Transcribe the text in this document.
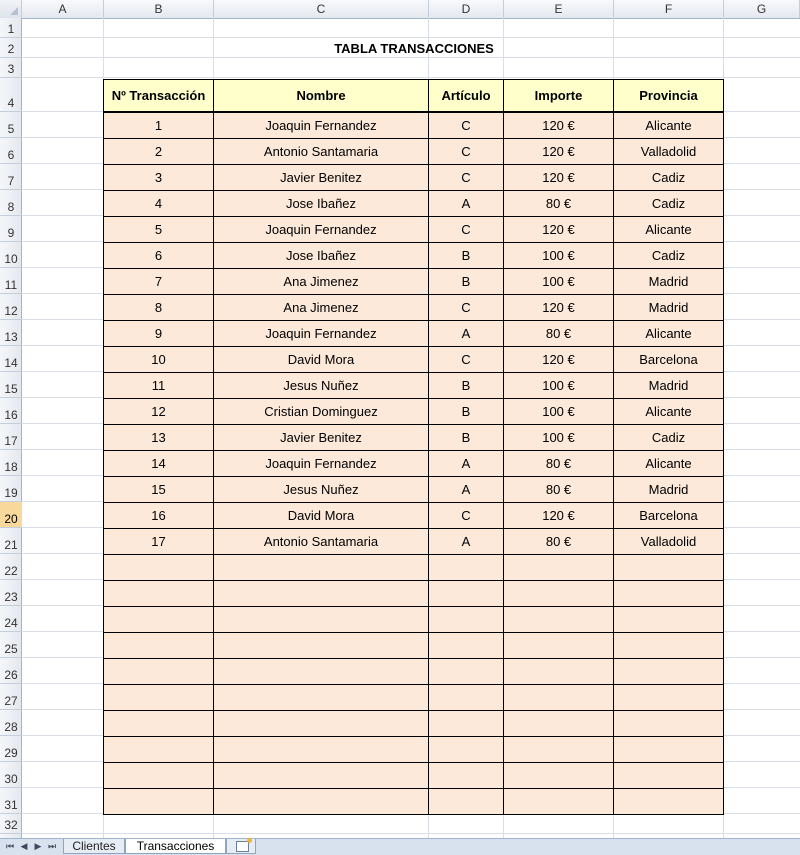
A	B	C	D	E	F	G
1
2
3
4
5
6
7
8
9
10
11
12
13
14
15
16
17
18
19
20
21
22
23
24
25
26
27
28
29
30
31
32
TABLA TRANSACCIONES
Nº Transacción	Nombre	Artículo	Importe	Provincia
1	Joaquin Fernandez	C	120 €	Alicante
2	Antonio Santamaria	C	120 €	Valladolid
3	Javier Benitez	C	120 €	Cadiz
4	Jose Ibañez	A	80 €	Cadiz
5	Joaquin Fernandez	C	120 €	Alicante
6	Jose Ibañez	B	100 €	Cadiz
7	Ana Jimenez	B	100 €	Madrid
8	Ana Jimenez	C	120 €	Madrid
9	Joaquin Fernandez	A	80 €	Alicante
10	David Mora	C	120 €	Barcelona
11	Jesus Nuñez	B	100 €	Madrid
12	Cristian Dominguez	B	100 €	Alicante
13	Javier Benitez	B	100 €	Cadiz
14	Joaquin Fernandez	A	80 €	Alicante
15	Jesus Nuñez	A	80 €	Madrid
16	David Mora	C	120 €	Barcelona
17	Antonio Santamaria	A	80 €	Valladolid

⏮ ◀ ▶ ⏭	Clientes	Transacciones
